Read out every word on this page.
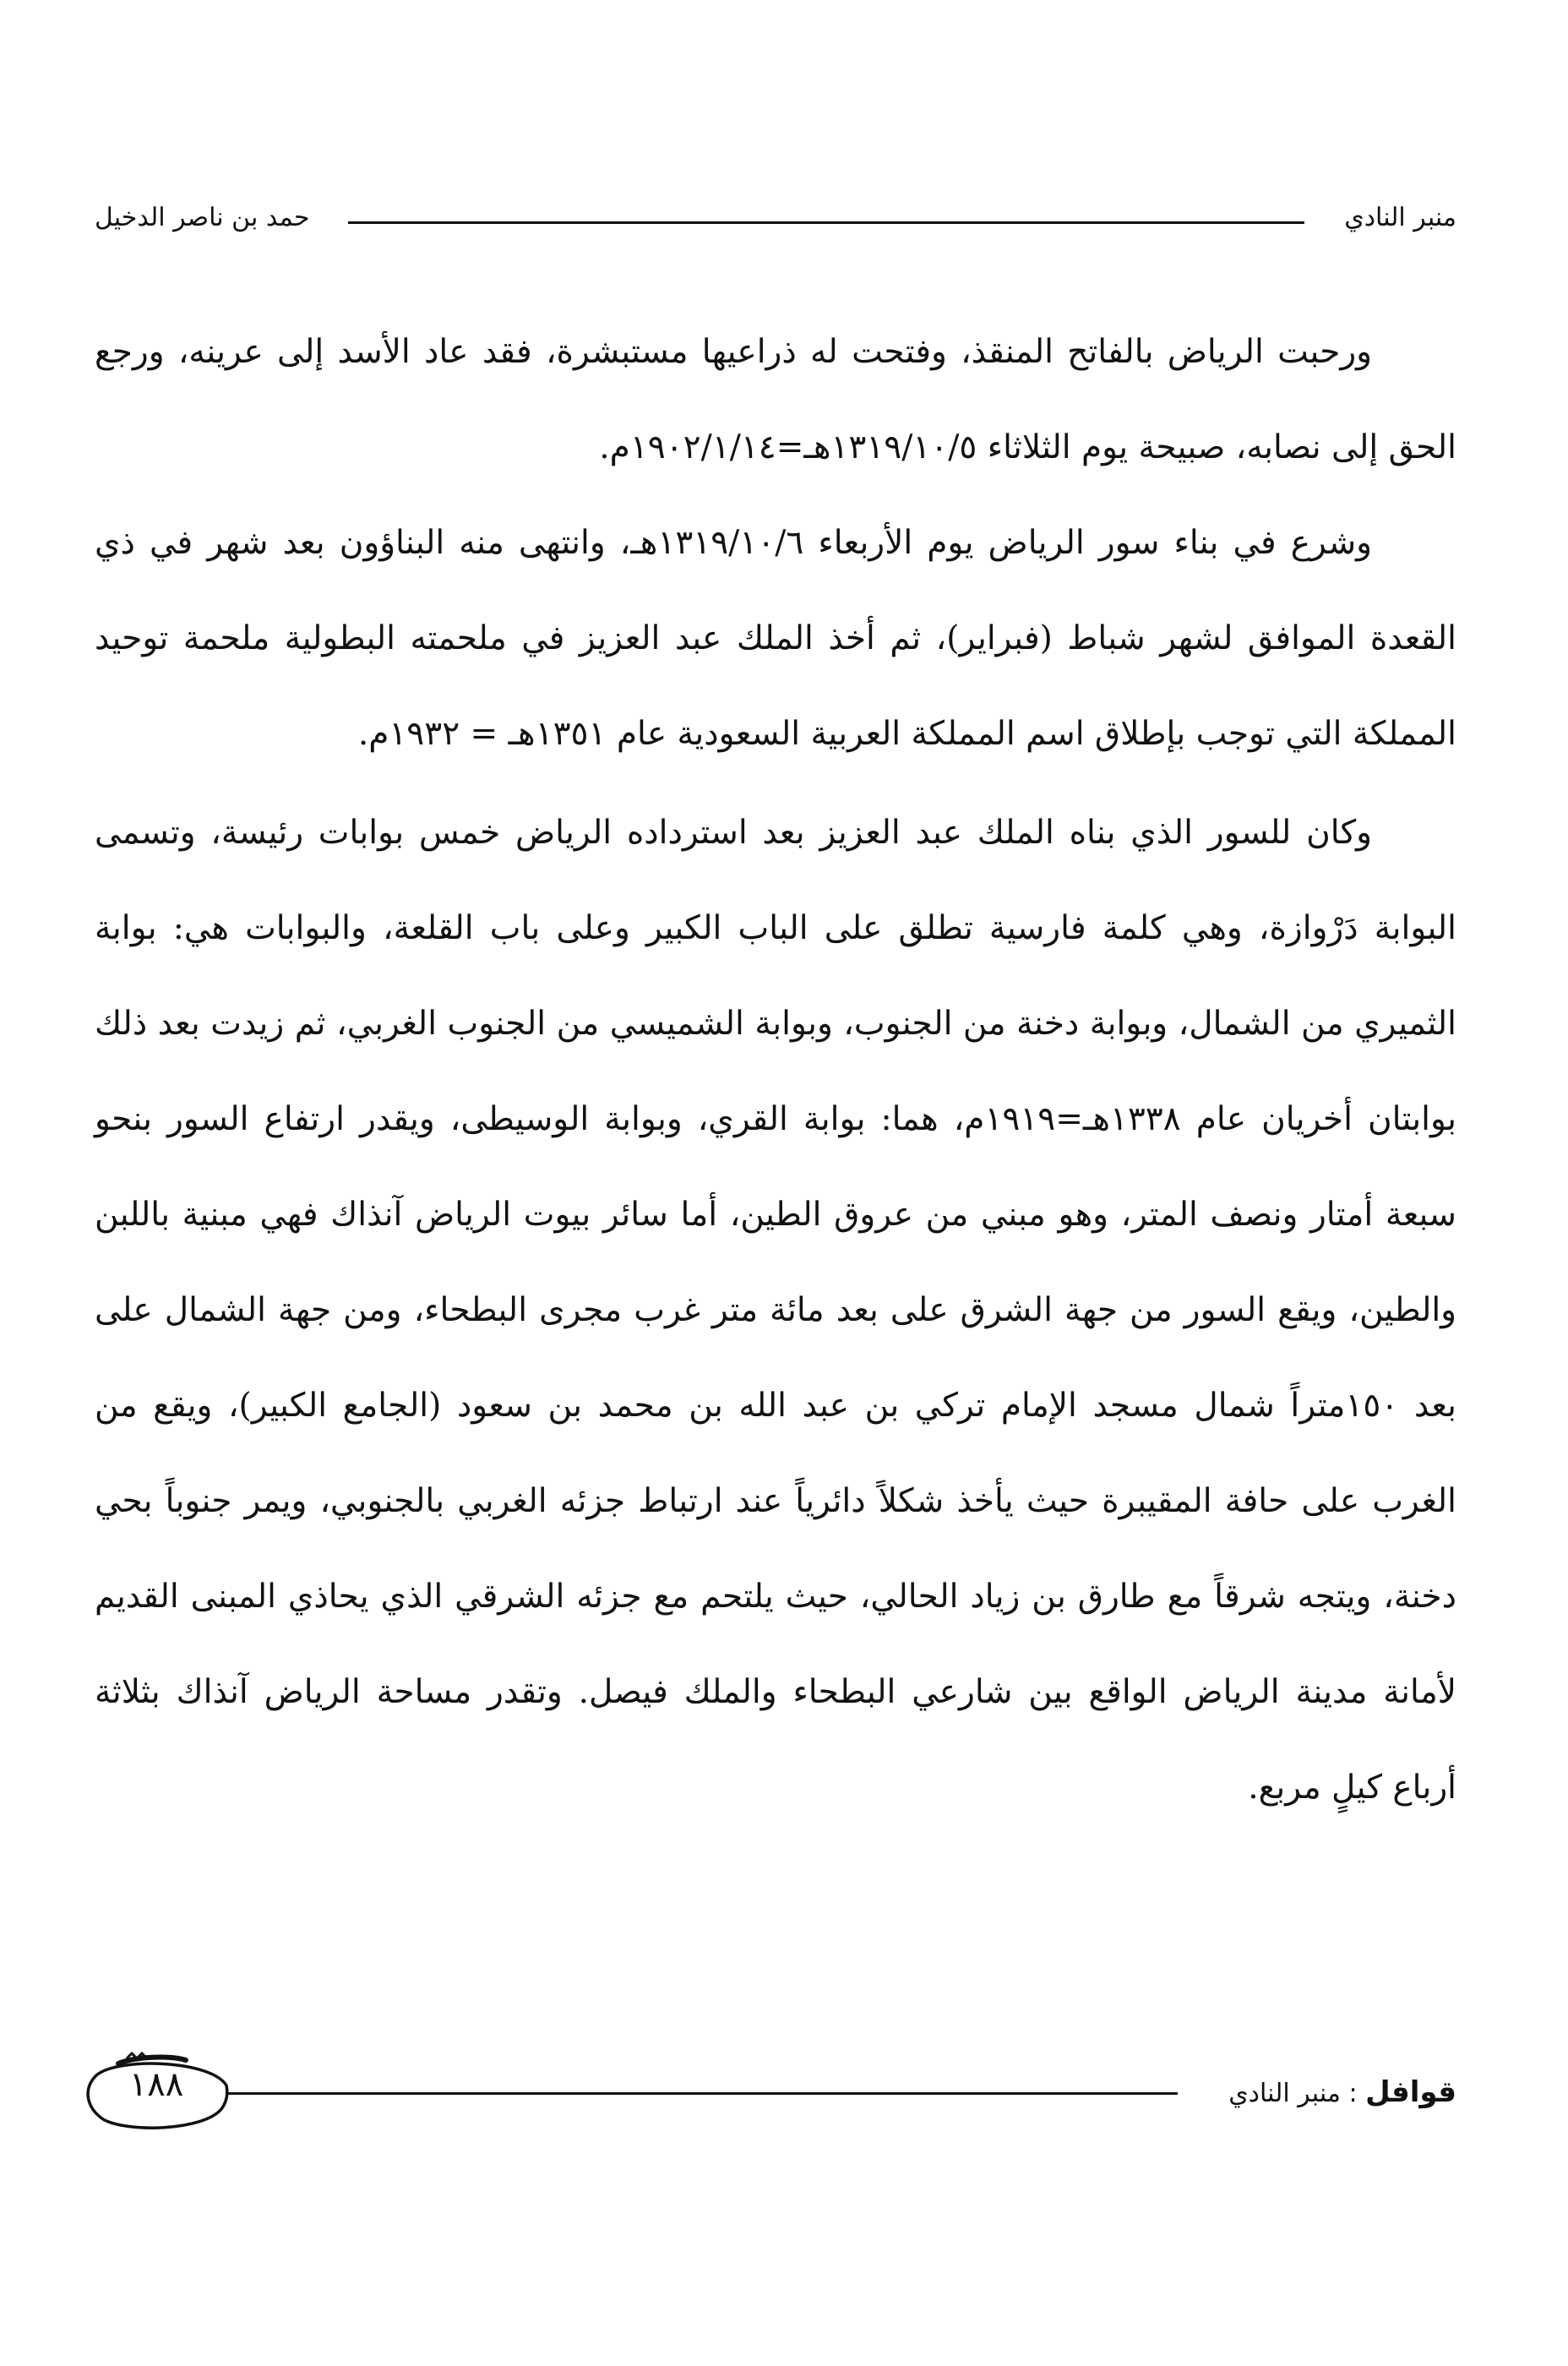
منبر النادي
حمد بن ناصر الدخيل

ورحبت الرياض بالفاتح المنقذ، وفتحت له ذراعيها مستبشرة، فقد عاد الأسد إلى عرينه، ورجع الحق إلى نصابه، صبيحة يوم الثلاثاء ١٣١٩/١٠/٥هـ=١٩٠٢/١/١٤م.

وشرع في بناء سور الرياض يوم الأربعاء ١٣١٩/١٠/٦هـ، وانتهى منه البناؤون بعد شهر في ذي القعدة الموافق لشهر شباط (فبراير)، ثم أخذ الملك عبد العزيز في ملحمته البطولية ملحمة توحيد المملكة التي توجب بإطلاق اسم المملكة العربية السعودية عام ١٣٥١هـ = ١٩٣٢م.

وكان للسور الذي بناه الملك عبد العزيز بعد استرداده الرياض خمس بوابات رئيسة، وتسمى البوابة دَرْوازة، وهي كلمة فارسية تطلق على الباب الكبير وعلى باب القلعة، والبوابات هي: بوابة الثميري من الشمال، وبوابة دخنة من الجنوب، وبوابة الشميسي من الجنوب الغربي، ثم زيدت بعد ذلك بوابتان أخريان عام ١٣٣٨هـ=١٩١٩م، هما: بوابة القري، وبوابة الوسيطى، ويقدر ارتفاع السور بنحو سبعة أمتار ونصف المتر، وهو مبني من عروق الطين، أما سائر بيوت الرياض آنذاك فهي مبنية باللبن والطين، ويقع السور من جهة الشرق على بعد مائة متر غرب مجرى البطحاء، ومن جهة الشمال على بعد ١٥٠متراً شمال مسجد الإمام تركي بن عبد الله بن محمد بن سعود (الجامع الكبير)، ويقع من الغرب على حافة المقيبرة حيث يأخذ شكلاً دائرياً عند ارتباط جزئه الغربي بالجنوبي، ويمر جنوباً بحي دخنة، ويتجه شرقاً مع طارق بن زياد الحالي، حيث يلتحم مع جزئه الشرقي الذي يحاذي المبنى القديم لأمانة مدينة الرياض الواقع بين شارعي البطحاء والملك فيصل. وتقدر مساحة الرياض آنذاك بثلاثة أرباع كيلٍ مربع.

قوافل : منبر النادي
١٨٨
